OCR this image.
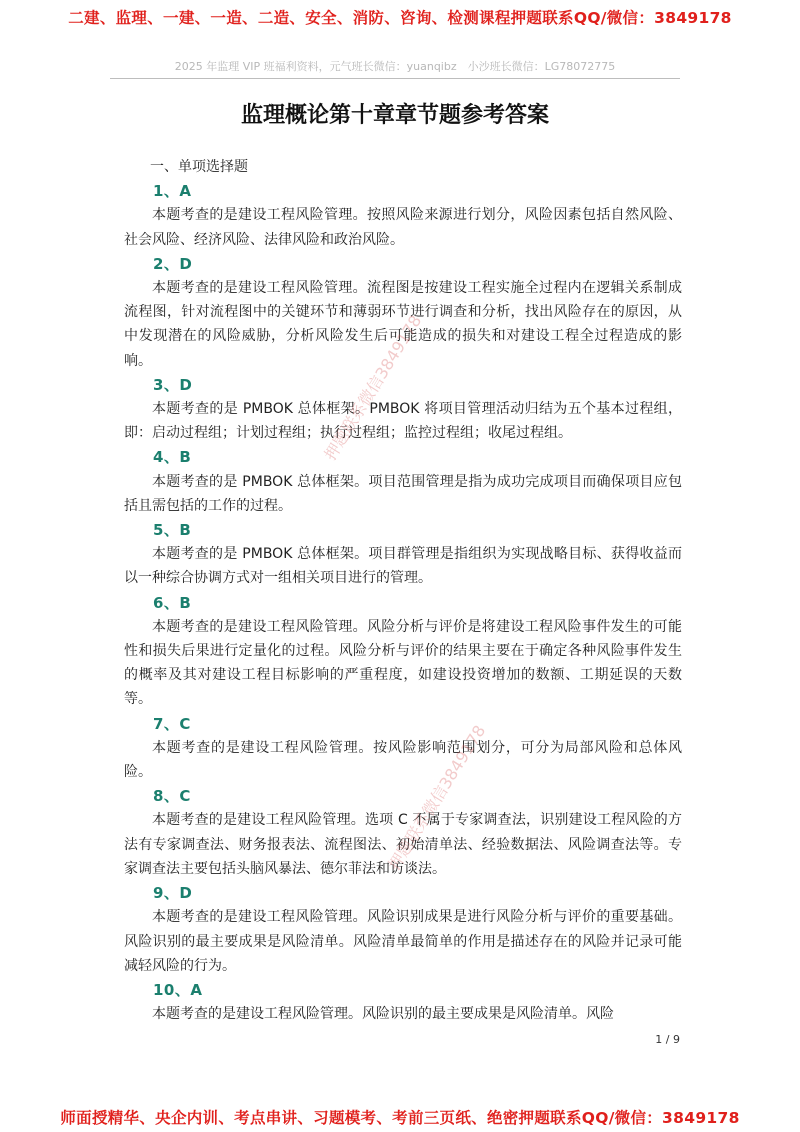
二建、监理、一建、一造、二造、安全、消防、咨询、检测课程押题联系QQ/微信：3849178
2025 年监理 VIP 班福利资料，元气班长微信：yuanqibz　小沙班长微信：LG78072775
监理概论第十章章节题参考答案
一、单项选择题
1、A

本题考查的是建设工程风险管理。按照风险来源进行划分，风险因素包括自然风险、社会风险、经济风险、法律风险和政治风险。

2、D

本题考查的是建设工程风险管理。流程图是按建设工程实施全过程内在逻辑关系制成流程图，针对流程图中的关键环节和薄弱环节进行调查和分析，找出风险存在的原因，从中发现潜在的风险威胁，分析风险发生后可能造成的损失和对建设工程全过程造成的影响。

3、D

本题考查的是 PMBOK 总体框架。PMBOK 将项目管理活动归结为五个基本过程组，即：启动过程组；计划过程组；执行过程组；监控过程组；收尾过程组。

4、B

本题考查的是 PMBOK 总体框架。项目范围管理是指为成功完成项目而确保项目应包括且需包括的工作的过程。

5、B

本题考查的是 PMBOK 总体框架。项目群管理是指组织为实现战略目标、获得收益而以一种综合协调方式对一组相关项目进行的管理。

6、B

本题考查的是建设工程风险管理。风险分析与评价是将建设工程风险事件发生的可能性和损失后果进行定量化的过程。风险分析与评价的结果主要在于确定各种风险事件发生的概率及其对建设工程目标影响的严重程度，如建设投资增加的数额、工期延误的天数等。

7、C

本题考查的是建设工程风险管理。按风险影响范围划分，可分为局部风险和总体风险。

8、C

本题考查的是建设工程风险管理。选项 C 不属于专家调查法，识别建设工程风险的方法有专家调查法、财务报表法、流程图法、初始清单法、经验数据法、风险调查法等。专家调查法主要包括头脑风暴法、德尔菲法和访谈法。

9、D

本题考查的是建设工程风险管理。风险识别成果是进行风险分析与评价的重要基础。风险识别的最主要成果是风险清单。风险清单最简单的作用是描述存在的风险并记录可能减轻风险的行为。

10、A

本题考查的是建设工程风险管理。风险识别的最主要成果是风险清单。风险

押题联系微信3849178
押题联系微信3849178
1 / 9
师面授精华、央企内训、考点串讲、习题模考、考前三页纸、绝密押题联系QQ/微信：3849178
